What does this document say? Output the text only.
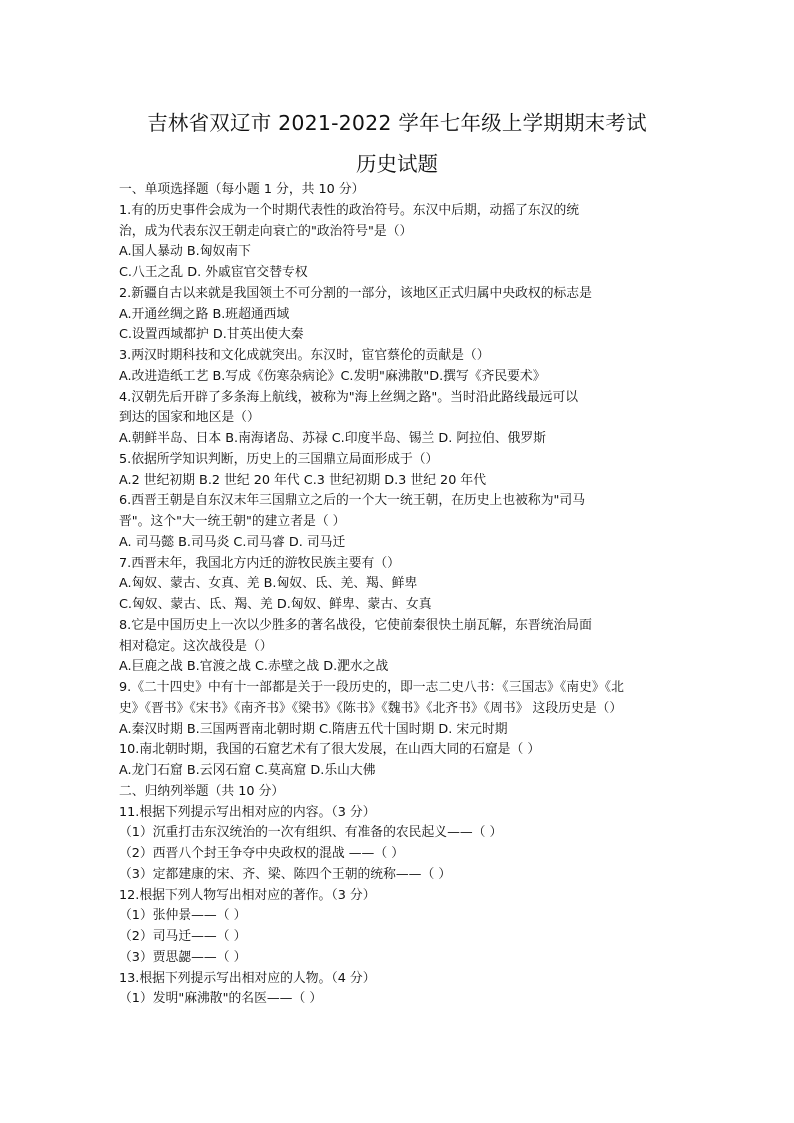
吉林省双辽市 2021-2022 学年七年级上学期期末考试
历史试题
一、单项选择题（每小题 1 分，共 10 分）
1.有的历史事件会成为一个时期代表性的政治符号。东汉中后期，动摇了东汉的统
治，成为代表东汉王朝走向衰亡的"政治符号"是（）
A.国人暴动 B.匈奴南下
C.八王之乱 D. 外戚宦官交替专权
2.新疆自古以来就是我国领土不可分割的一部分，该地区正式归属中央政权的标志是
A.开通丝绸之路 B.班超通西域
C.设置西域都护 D.甘英出使大秦
3.两汉时期科技和文化成就突出。东汉时，宦官蔡伦的贡献是（）
A.改进造纸工艺 B.写成《伤寒杂病论》C.发明"麻沸散"D.撰写《齐民要术》
4.汉朝先后开辟了多条海上航线，被称为"海上丝绸之路"。当时沿此路线最远可以
到达的国家和地区是（）
A.朝鲜半岛、日本 B.南海诸岛、苏禄 C.印度半岛、锡兰 D. 阿拉伯、俄罗斯
5.依据所学知识判断，历史上的三国鼎立局面形成于（）
A.2 世纪初期 B.2 世纪 20 年代 C.3 世纪初期 D.3 世纪 20 年代
6.西晋王朝是自东汉末年三国鼎立之后的一个大一统王朝，在历史上也被称为"司马
晋"。这个"大一统王朝"的建立者是（ ）
A. 司马懿 B.司马炎 C.司马睿 D. 司马迁
7.西晋末年，我国北方内迁的游牧民族主要有（）
A.匈奴、蒙古、女真、羌 B.匈奴、氐、羌、羯、鲜卑
C.匈奴、蒙古、氐、羯、羌 D.匈奴、鲜卑、蒙古、女真
8.它是中国历史上一次以少胜多的著名战役，它使前秦很快土崩瓦解，东晋统治局面
相对稳定。这次战役是（）
A.巨鹿之战 B.官渡之战 C.赤壁之战 D.淝水之战
9.《二十四史》中有十一部都是关于一段历史的，即一志二史八书：《三国志》《南史》《北
史》《晋书》《宋书》《南齐书》《梁书》《陈书》《魏书》《北齐书》《周书》 这段历史是（）
A.秦汉时期 B.三国两晋南北朝时期 C.隋唐五代十国时期 D. 宋元时期
10.南北朝时期，我国的石窟艺术有了很大发展，在山西大同的石窟是（ ）
A.龙门石窟 B.云冈石窟 C.莫高窟 D.乐山大佛
二、归纳列举题（共 10 分）
11.根据下列提示写出相对应的内容。（3 分）
（1）沉重打击东汉统治的一次有组织、有准备的农民起义——（ ）
（2）西晋八个封王争夺中央政权的混战 ——（ ）
（3）定都建康的宋、齐、梁、陈四个王朝的统称——（ ）
12.根据下列人物写出相对应的著作。（3 分）
（1）张仲景——（ ）
（2）司马迁——（ ）
（3）贾思勰——（ ）
13.根据下列提示写出相对应的人物。（4 分）
（1）发明"麻沸散"的名医——（ ）
